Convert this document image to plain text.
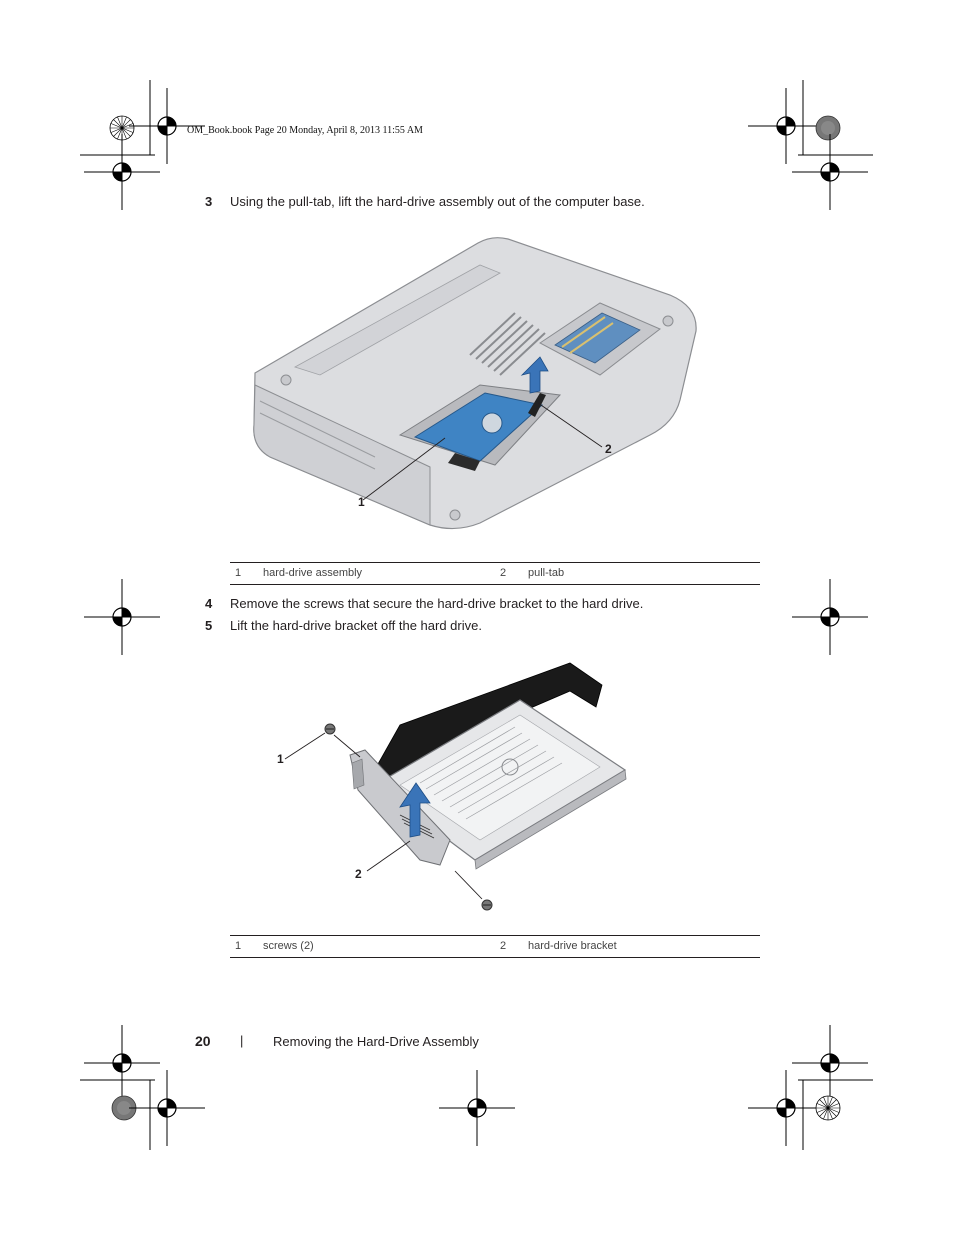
OM_Book.book Page 20 Monday, April 8, 2013 11:55 AM
3 Using the pull-tab, lift the hard-drive assembly out of the computer base.
1
2
1 hard-drive assembly	2 pull-tab
4 Remove the screws that secure the hard-drive bracket to the hard drive.
5 Lift the hard-drive bracket off the hard drive.
1
2
1 screws (2)	2 hard-drive bracket
20 | Removing the Hard-Drive Assembly
